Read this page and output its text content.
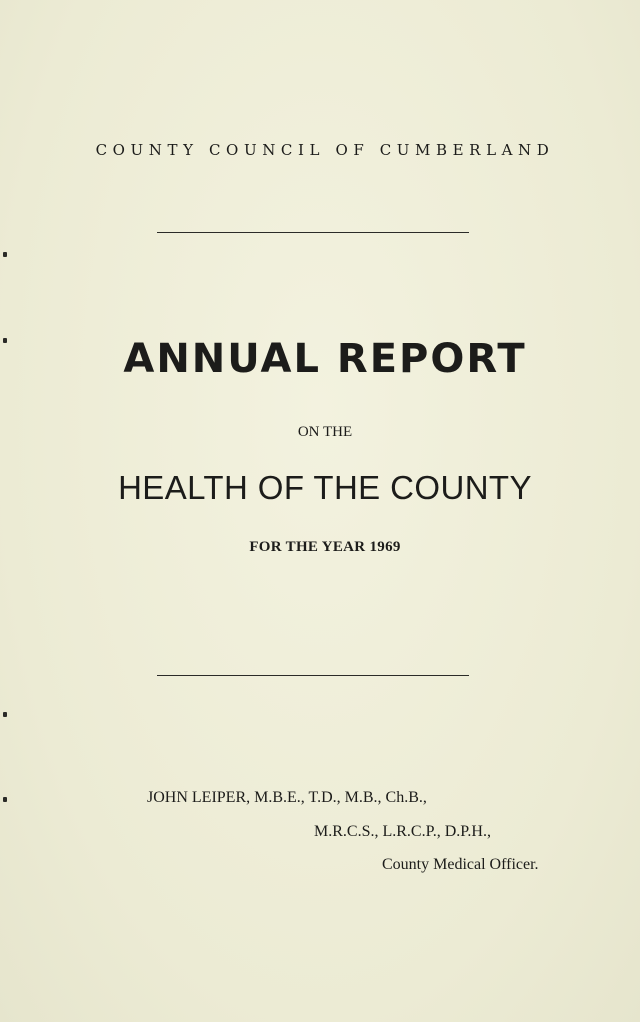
COUNTY COUNCIL OF CUMBERLAND
ANNUAL REPORT
ON THE
HEALTH OF THE COUNTY
FOR THE YEAR 1969
JOHN LEIPER, M.B.E., T.D., M.B., Ch.B.,
M.R.C.S., L.R.C.P., D.P.H.,
County Medical Officer.
